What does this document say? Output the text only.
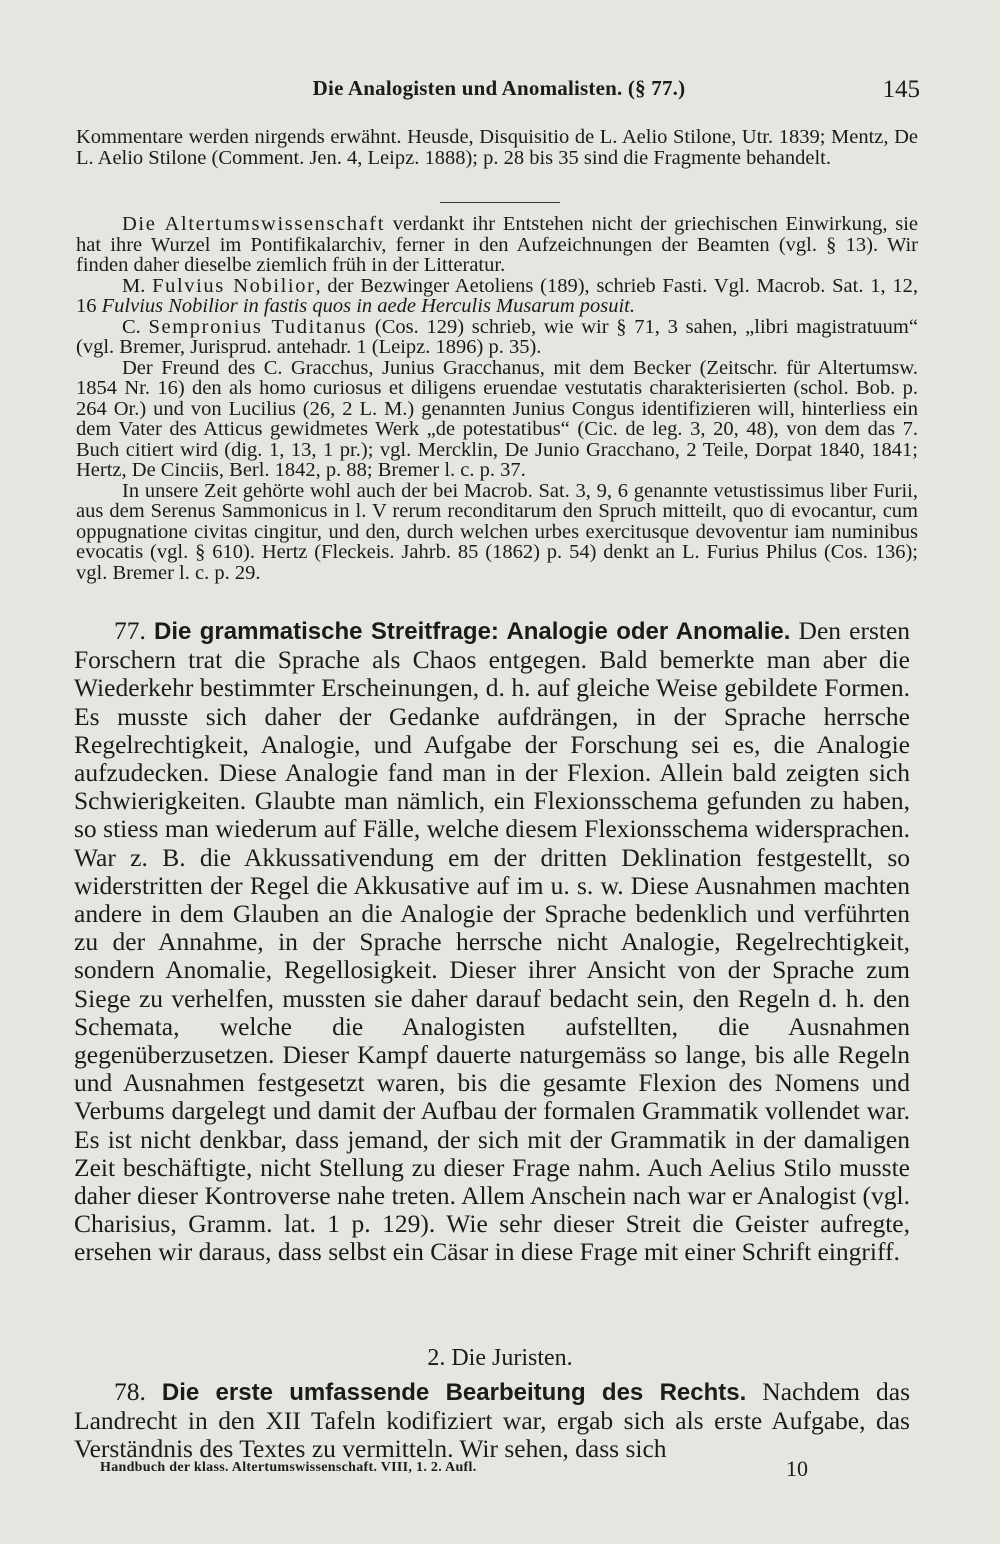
Die Analogisten und Anomalisten. (§ 77.)	145

Kommentare werden nirgends erwähnt. Heusde, Disquisitio de L. Aelio Stilone, Utr. 1839; Mentz, De L. Aelio Stilone (Comment. Jen. 4, Leipz. 1888); p. 28 bis 35 sind die Fragmente behandelt.

Die Altertumswissenschaft verdankt ihr Entstehen nicht der griechischen Einwirkung, sie hat ihre Wurzel im Pontifikalarchiv, ferner in den Aufzeichnungen der Beamten (vgl. § 13). Wir finden daher dieselbe ziemlich früh in der Litteratur.

M. Fulvius Nobilior, der Bezwinger Aetoliens (189), schrieb Fasti. Vgl. Macrob. Sat. 1, 12, 16 Fulvius Nobilior in fastis quos in aede Herculis Musarum posuit.

C. Sempronius Tuditanus (Cos. 129) schrieb, wie wir § 71, 3 sahen, „libri magistratuum“ (vgl. Bremer, Jurisprud. antehadr. 1 (Leipz. 1896) p. 35).

Der Freund des C. Gracchus, Junius Gracchanus, mit dem Becker (Zeitschr. für Altertumsw. 1854 Nr. 16) den als homo curiosus et diligens eruendae vestutatis charakterisierten (schol. Bob. p. 264 Or.) und von Lucilius (26, 2 L. M.) genannten Junius Congus identifizieren will, hinterliess ein dem Vater des Atticus gewidmetes Werk „de potestatibus“ (Cic. de leg. 3, 20, 48), von dem das 7. Buch citiert wird (dig. 1, 13, 1 pr.); vgl. Mercklin, De Junio Gracchano, 2 Teile, Dorpat 1840, 1841; Hertz, De Cinciis, Berl. 1842, p. 88; Bremer l. c. p. 37.

In unsere Zeit gehörte wohl auch der bei Macrob. Sat. 3, 9, 6 genannte vetustissimus liber Furii, aus dem Serenus Sammonicus in l. V rerum reconditarum den Spruch mitteilt, quo di evocantur, cum oppugnatione civitas cingitur, und den, durch welchen urbes exercitusque devoventur iam numinibus evocatis (vgl. § 610). Hertz (Fleckeis. Jahrb. 85 (1862) p. 54) denkt an L. Furius Philus (Cos. 136); vgl. Bremer l. c. p. 29.

77. Die grammatische Streitfrage: Analogie oder Anomalie. Den ersten Forschern trat die Sprache als Chaos entgegen. Bald bemerkte man aber die Wiederkehr bestimmter Erscheinungen, d. h. auf gleiche Weise gebildete Formen. Es musste sich daher der Gedanke aufdrängen, in der Sprache herrsche Regelrechtigkeit, Analogie, und Aufgabe der Forschung sei es, die Analogie aufzudecken. Diese Analogie fand man in der Flexion. Allein bald zeigten sich Schwierigkeiten. Glaubte man nämlich, ein Flexionsschema gefunden zu haben, so stiess man wiederum auf Fälle, welche diesem Flexionsschema widersprachen. War z. B. die Akkussativendung em der dritten Deklination festgestellt, so widerstritten der Regel die Akkusative auf im u. s. w. Diese Ausnahmen machten andere in dem Glauben an die Analogie der Sprache bedenklich und verführten zu der Annahme, in der Sprache herrsche nicht Analogie, Regelrechtigkeit, sondern Anomalie, Regellosigkeit. Dieser ihrer Ansicht von der Sprache zum Siege zu verhelfen, mussten sie daher darauf bedacht sein, den Regeln d. h. den Schemata, welche die Analogisten aufstellten, die Ausnahmen gegenüberzusetzen. Dieser Kampf dauerte naturgemäss so lange, bis alle Regeln und Ausnahmen festgesetzt waren, bis die gesamte Flexion des Nomens und Verbums dargelegt und damit der Aufbau der formalen Grammatik vollendet war. Es ist nicht denkbar, dass jemand, der sich mit der Grammatik in der damaligen Zeit beschäftigte, nicht Stellung zu dieser Frage nahm. Auch Aelius Stilo musste daher dieser Kontroverse nahe treten. Allem Anschein nach war er Analogist (vgl. Charisius, Gramm. lat. 1 p. 129). Wie sehr dieser Streit die Geister aufregte, ersehen wir daraus, dass selbst ein Cäsar in diese Frage mit einer Schrift eingriff.

2. Die Juristen.

78. Die erste umfassende Bearbeitung des Rechts. Nachdem das Landrecht in den XII Tafeln kodifiziert war, ergab sich als erste Aufgabe, das Verständnis des Textes zu vermitteln. Wir sehen, dass sich

Handbuch der klass. Altertumswissenschaft. VIII, 1. 2. Aufl.	10
